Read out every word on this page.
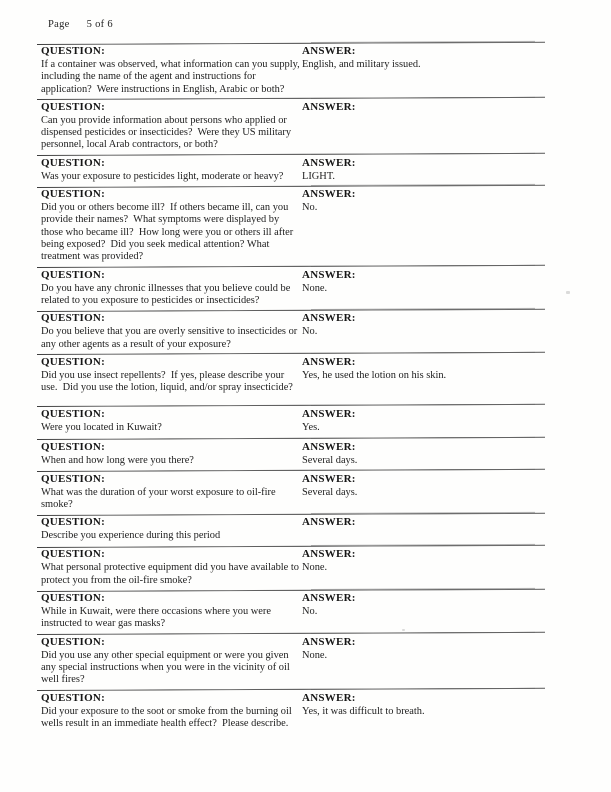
Page 5 of 6
QUESTION:
If a container was observed, what information can you supply, including the name of the agent and instructions for application?  Were instructions in English, Arabic or both?
ANSWER:
English, and military issued.
QUESTION:
Can you provide information about persons who applied or dispensed pesticides or insecticides?  Were they US military personnel, local Arab contractors, or both?
ANSWER:
QUESTION:
Was your exposure to pesticides light, moderate or heavy?
ANSWER:
LIGHT.
QUESTION:
Did you or others become ill?  If others became ill, can you provide their names?  What symptoms were displayed by those who became ill?  How long were you or others ill after being exposed?  Did you seek medical attention? What treatment was provided?
ANSWER:
No.
QUESTION:
Do you have any chronic illnesses that you believe could be related to you exposure to pesticides or insecticides?
ANSWER:
None.
QUESTION:
Do you believe that you are overly sensitive to insecticides or any other agents as a result of your exposure?
ANSWER:
No.
QUESTION:
Did you use insect repellents?  If yes, please describe your use.  Did you use the lotion, liquid, and/or spray insecticide?
ANSWER:
Yes, he used the lotion on his skin.
QUESTION:
Were you located in Kuwait?
ANSWER:
Yes.
QUESTION:
When and how long were you there?
ANSWER:
Several days.
QUESTION:
What was the duration of your worst exposure to oil-fire smoke?
ANSWER:
Several days.
QUESTION:
Describe you experience during this period
ANSWER:
QUESTION:
What personal protective equipment did you have available to protect you from the oil-fire smoke?
ANSWER:
None.
QUESTION:
While in Kuwait, were there occasions where you were instructed to wear gas masks?
ANSWER:
No.
QUESTION:
Did you use any other special equipment or were you given any special instructions when you were in the vicinity of oil well fires?
ANSWER:
None.
QUESTION:
Did your exposure to the soot or smoke from the burning oil wells result in an immediate health effect?  Please describe.
ANSWER:
Yes, it was difficult to breath.
